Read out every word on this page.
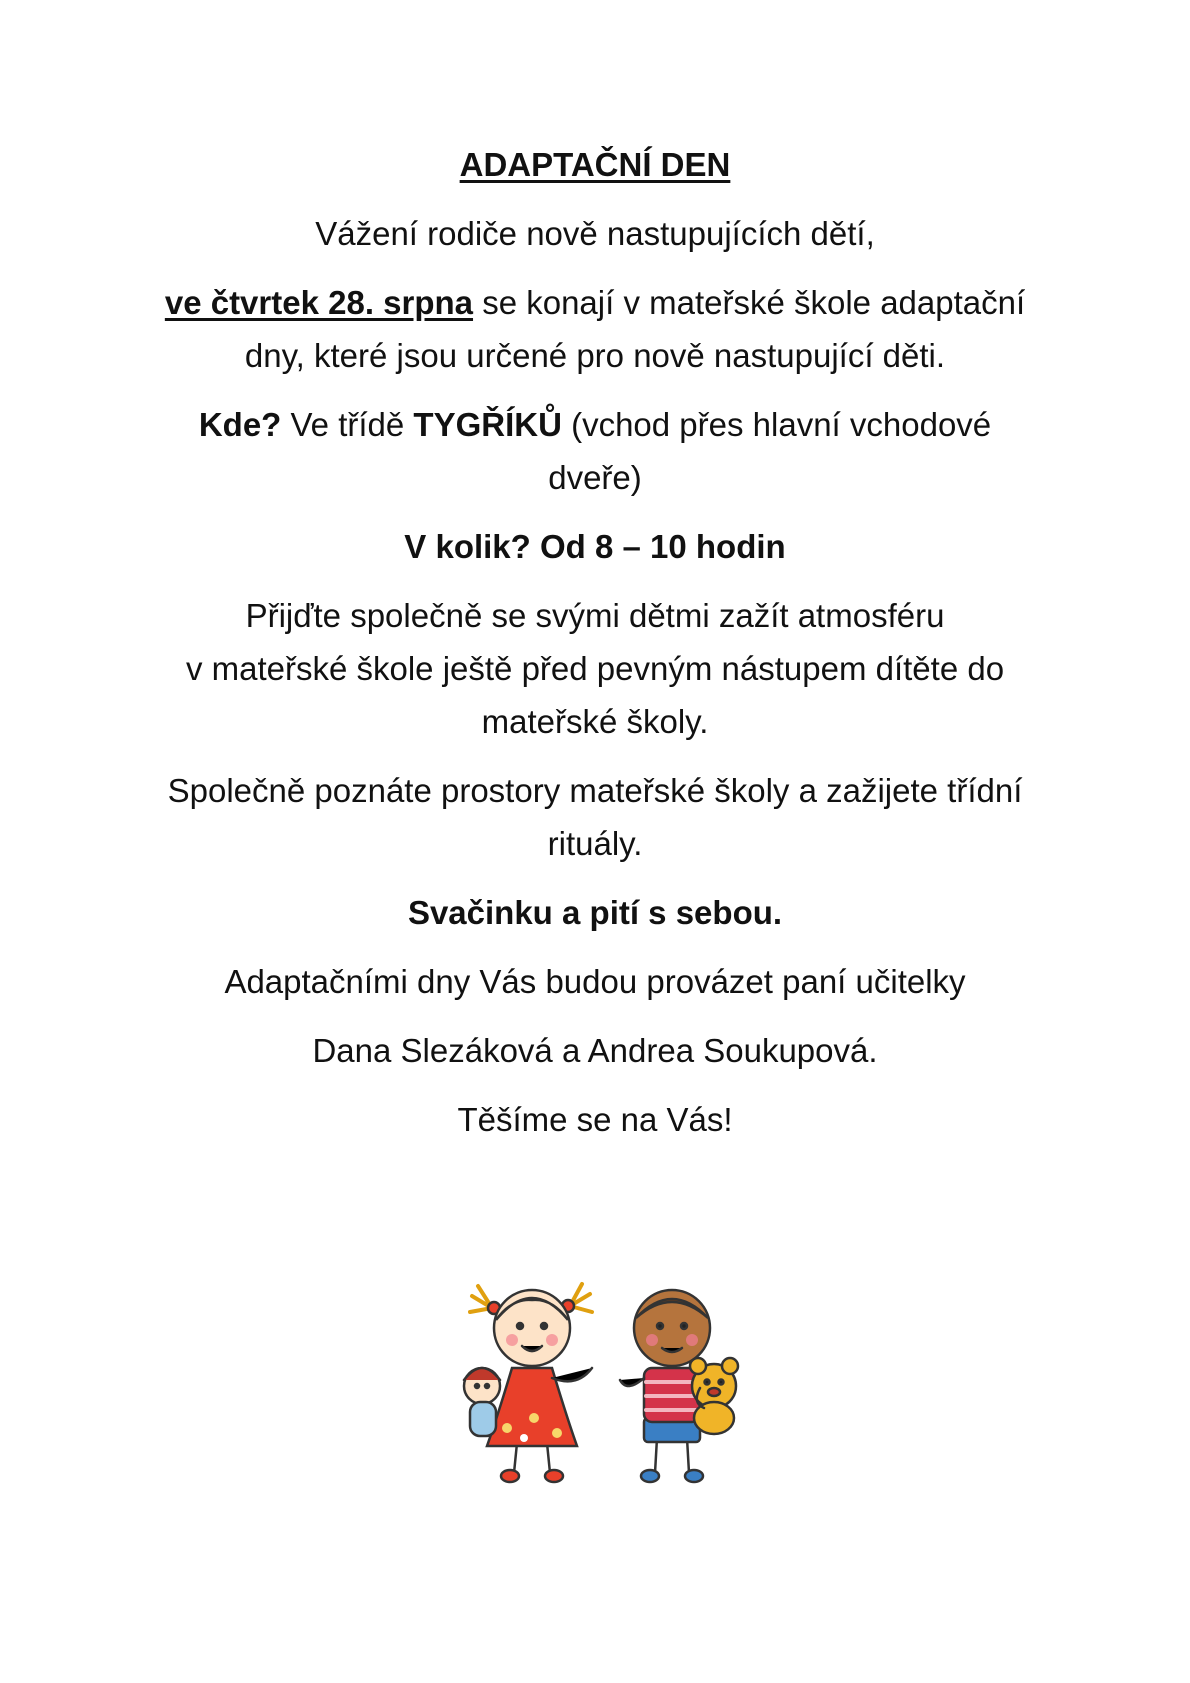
ADAPTAČNÍ DEN

Vážení rodiče nově nastupujících dětí,

ve čtvrtek 28. srpna se konají v mateřské škole adaptační dny, které jsou určené pro nově nastupující děti.

Kde? Ve třídě TYGŘÍKŮ (vchod přes hlavní vchodové dveře)

V kolik? Od 8 – 10 hodin

Přijďte společně se svými dětmi zažít atmosféru
v mateřské škole ještě před pevným nástupem dítěte do mateřské školy.

Společně poznáte prostory mateřské školy a zažijete třídní rituály.

Svačinku a pití s sebou.

Adaptačními dny Vás budou provázet paní učitelky

Dana Slezáková a Andrea Soukupová.

Těšíme se na Vás!
